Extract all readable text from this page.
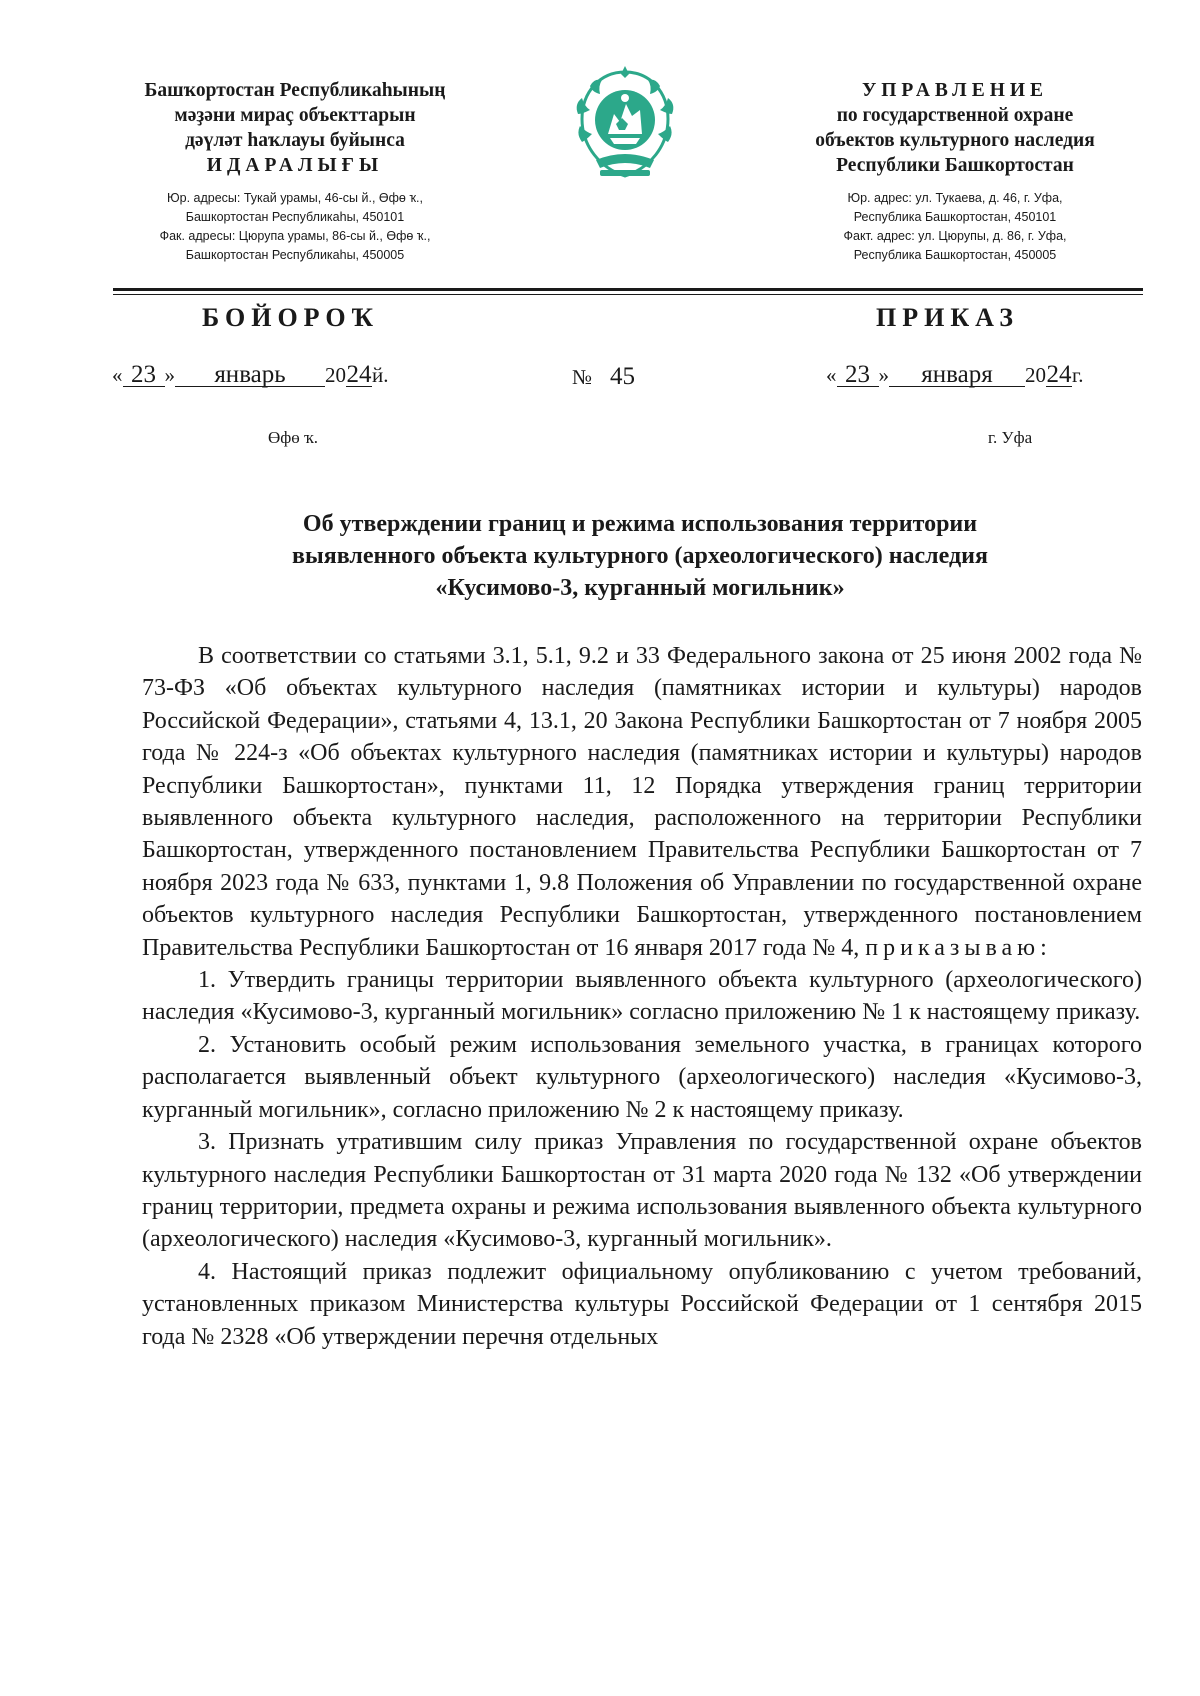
Башҡортостан Республикаһының
мәҙәни мираҫ объекттарын
дәүләт һаҡлауы буйынса
ИДАРАЛЫҒЫ
Юр. адресы: Тукай урамы, 46-сы й., Өфө ҡ.,
Башкортостан Республикаһы, 450101
Фак. адресы: Цюрупа урамы, 86-сы й., Өфө ҡ.,
Башкортостан Республикаһы, 450005
УПРАВЛЕНИЕ
по государственной охране
объектов культурного наследия
Республики Башкортостан
Юр. адрес: ул. Тукаева, д. 46, г. Уфа,
Республика Башкортостан, 450101
Факт. адрес: ул. Цюрупы, д. 86, г. Уфа,
Республика Башкортостан, 450005
БОЙОРОҠ	ПРИКАЗ
« 23 » январь 2024й.	№ 45	« 23 » января 2024г.
Өфө ҡ.	г. Уфа
Об утверждении границ и режима использования территории
выявленного объекта культурного (археологического) наследия
«Кусимово-3, курганный могильник»

В соответствии со статьями 3.1, 5.1, 9.2 и 33 Федерального закона от 25 июня 2002 года № 73-ФЗ «Об объектах культурного наследия (памятниках истории и культуры) народов Российской Федерации», статьями 4, 13.1, 20 Закона Республики Башкортостан от 7 ноября 2005 года № 224-з «Об объектах культурного наследия (памятниках истории и культуры) народов Республики Башкортостан», пунктами 11, 12 Порядка утверждения границ территории выявленного объекта культурного наследия, расположенного на территории Республики Башкортостан, утвержденного постановлением Правительства Республики Башкортостан от 7 ноября 2023 года № 633, пунктами 1, 9.8 Положения об Управлении по государственной охране объектов культурного наследия Республики Башкортостан, утвержденного постановлением Правительства Республики Башкортостан от 16 января 2017 года № 4, приказываю:

1. Утвердить границы территории выявленного объекта культурного (археологического) наследия «Кусимово-3, курганный могильник» согласно приложению № 1 к настоящему приказу.

2. Установить особый режим использования земельного участка, в границах которого располагается выявленный объект культурного (археологического) наследия «Кусимово-3, курганный могильник», согласно приложению № 2 к настоящему приказу.

3. Признать утратившим силу приказ Управления по государственной охране объектов культурного наследия Республики Башкортостан от 31 марта 2020 года № 132 «Об утверждении границ территории, предмета охраны и режима использования выявленного объекта культурного (археологического) наследия «Кусимово-3, курганный могильник».

4. Настоящий приказ подлежит официальному опубликованию с учетом требований, установленных приказом Министерства культуры Российской Федерации от 1 сентября 2015 года № 2328 «Об утверждении перечня отдельных
